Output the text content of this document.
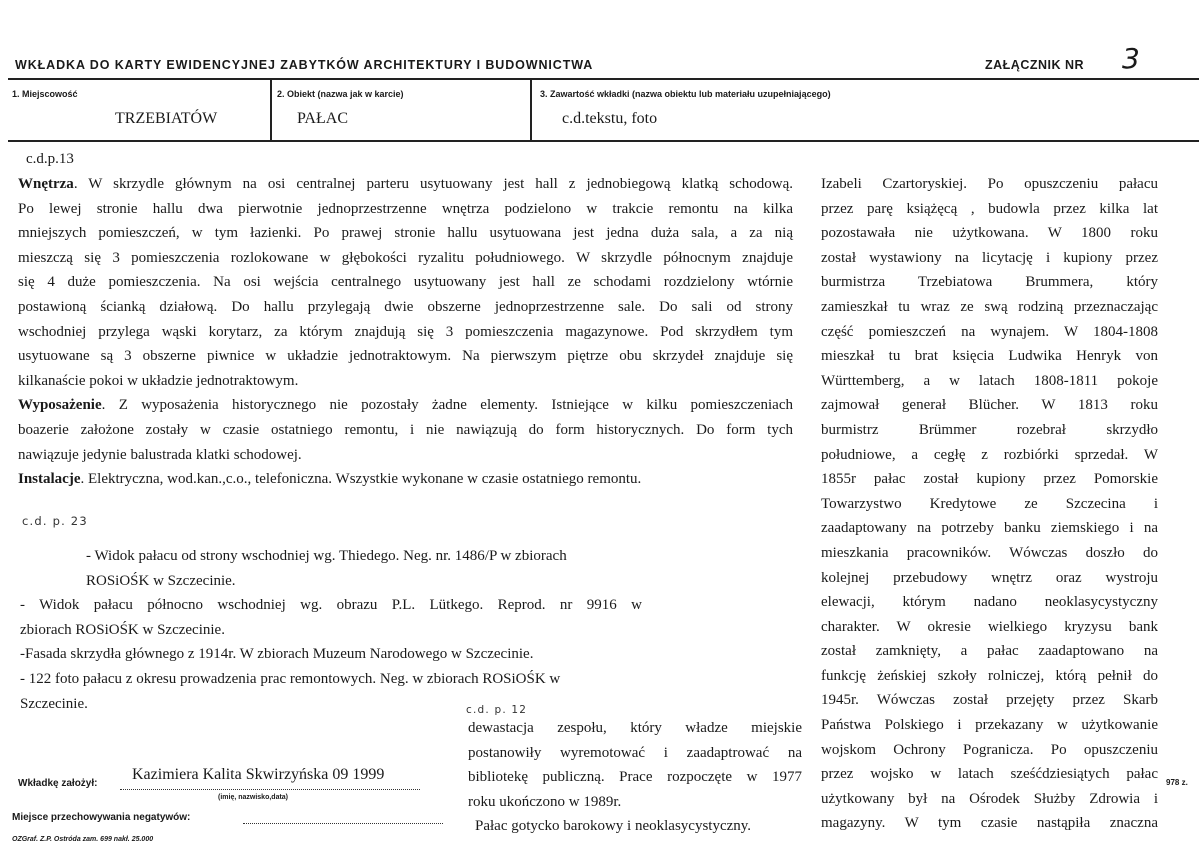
WKŁADKA DO KARTY EWIDENCYJNEJ ZABYTKÓW ARCHITEKTURY I BUDOWNICTWA	ZAŁĄCZNIK NR 3
1. Miejscowość
TRZEBIATÓW
2. Obiekt (nazwa jak w karcie)
PAŁAC
3. Zawartość wkładki (nazwa obiektu lub materiału uzupełniającego)
c.d.tekstu, foto
c.d.p.13
Wnętrza. W skrzydle głównym na osi centralnej parteru usytuowany jest hall z jednobiegową klatką schodową.
Po lewej stronie hallu dwa pierwotnie jednoprzestrzenne wnętrza podzielono w trakcie remontu na kilka
mniejszych pomieszczeń, w tym łazienki. Po prawej stronie hallu usytuowana jest jedna duża sala, a za nią
mieszczą się 3 pomieszczenia rozlokowane w głębokości ryzalitu południowego. W skrzydle północnym znajduje
się 4 duże pomieszczenia. Na osi wejścia centralnego usytuowany jest hall ze schodami rozdzielony wtórnie
postawioną ścianką działową. Do hallu przylegają dwie obszerne jednoprzestrzenne sale. Do sali od strony
wschodniej przylega wąski korytarz, za którym znajdują się 3 pomieszczenia magazynowe. Pod skrzydłem tym
usytuowane są 3 obszerne piwnice w układzie jednotraktowym. Na pierwszym piętrze obu skrzydeł znajduje się
kilkanaście pokoi w układzie jednotraktowym.
Wyposażenie. Z wyposażenia historycznego nie pozostały żadne elementy. Istniejące w kilku pomieszczeniach
boazerie założone zostały w czasie ostatniego remontu, i nie nawiązują do form historycznych. Do form tych
nawiązuje jedynie balustrada klatki schodowej.
Instalacje. Elektryczna, wod.kan.,c.o., telefoniczna. Wszystkie wykonane w czasie ostatniego remontu.
c.d. p. 23
- Widok pałacu od strony wschodniej wg. Thiedego. Neg. nr. 1486/P w zbiorach
ROSiOŚK w Szczecinie.
- Widok pałacu północno wschodniej wg. obrazu P.L. Lütkego. Reprod. nr 9916 w
zbiorach ROSiOŚK w Szczecinie.
-Fasada skrzydła głównego z 1914r. W zbiorach Muzeum Narodowego w Szczecinie.
- 122 foto pałacu z okresu prowadzenia prac remontowych. Neg. w zbiorach ROSiOŚK w
Szczecinie.	c.d. p. 12
dewastacja zespołu, który władze miejskie
postanowiły wyremotować i zaadaptrować na
bibliotekę publiczną. Prace rozpoczęte w 1977
roku ukończono w 1989r.
Pałac gotycko barokowy i neoklasycystyczny.
Izabeli Czartoryskiej. Po opuszczeniu pałacu
przez parę książęcą , budowla przez kilka lat
pozostawała nie użytkowana. W 1800 roku
został wystawiony na licytację i kupiony przez
burmistrza Trzebiatowa Brummera, który
zamieszkał tu wraz ze swą rodziną przeznaczając
część pomieszczeń na wynajem. W 1804-1808
mieszkał tu brat księcia Ludwika Henryk von
Württemberg, a w latach 1808-1811 pokoje
zajmował generał Blücher. W 1813 roku
burmistrz Brümmer rozebrał skrzydło
południowe, a cegłę z rozbiórki sprzedał. W
1855r pałac został kupiony przez Pomorskie
Towarzystwo Kredytowe ze Szczecina i
zaadaptowany na potrzeby banku ziemskiego i na
mieszkania pracowników. Wówczas doszło do
kolejnej przebudowy wnętrz oraz wystroju
elewacji, którym nadano neoklasycystyczny
charakter. W okresie wielkiego kryzysu bank
został zamknięty, a pałac zaadaptowano na
funkcję żeńskiej szkoły rolniczej, którą pełnił do
1945r. Wówczas został przejęty przez Skarb
Państwa Polskiego i przekazany w użytkowanie
wojskom Ochrony Pogranicza. Po opuszczeniu
przez wojsko w latach sześćdziesiątych pałac
użytkowany był na Ośrodek Służby Zdrowia i
magazyny. W tym czasie nastąpiła znaczna
Wkładkę założył:
Kazimiera Kalita Skwirzyńska 09 1999
(imię, nazwisko,data)
Miejsce przechowywania negatywów:
OZGraf. Z.P. Ostróda zam. 699 nakł. 25.000
978 z.
